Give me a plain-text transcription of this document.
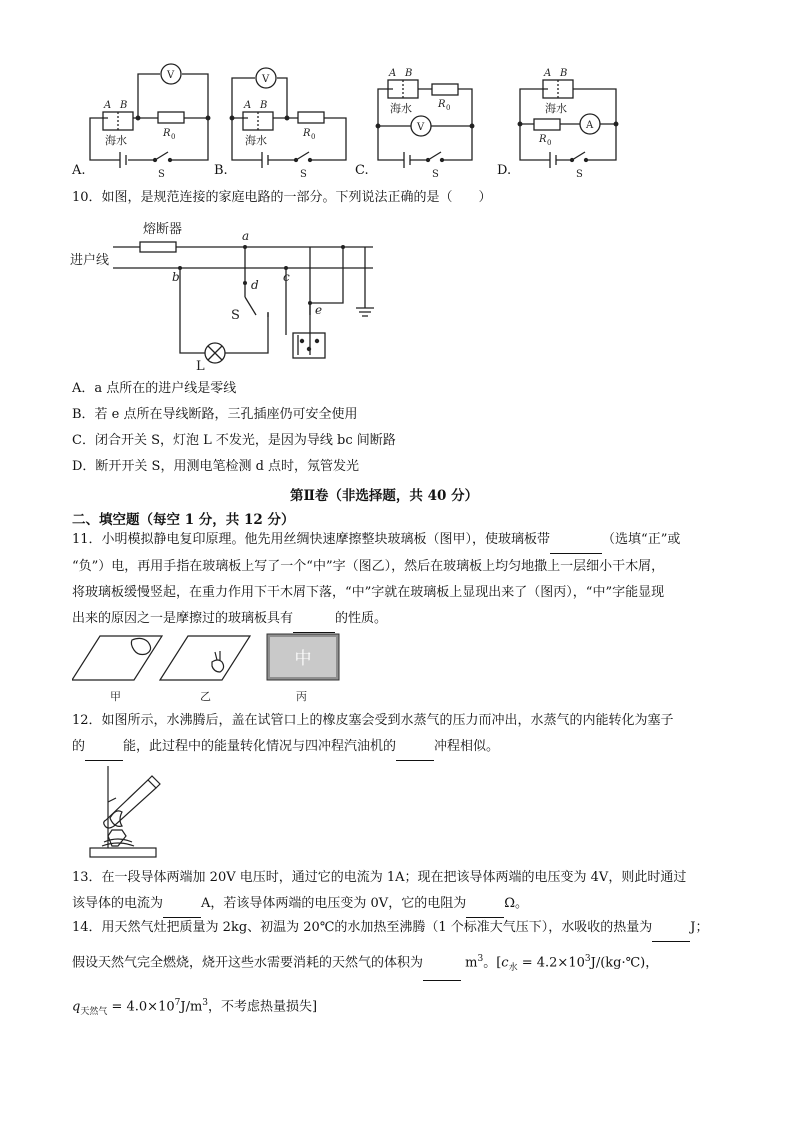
A B
R 0
A B
R 0
A B
R 0
A B
R 0
海水	海水
海水	海水
V	V
V	A
S	S	S	S
A.	B.	C.	D.
10．如图，是规范连接的家庭电路的一部分。下列说法正确的是（　　）
熔断器
进户线
S
L
a
b	c
d
e

A．a 点所在的进户线是零线

B．若 e 点所在导线断路，三孔插座仍可安全使用

C．闭合开关 S，灯泡 L 不发光，是因为导线 bc 间断路

D．断开开关 S，用测电笔检测 d 点时，氖管发光

第Ⅱ卷（非选择题，共 40 分）
二、填空题（每空 1 分，共 12 分）

11．小明模拟静电复印原理。他先用丝绸快速摩擦整块玻璃板（图甲），使玻璃板带	（选填“正”或

“负”）电，再用手指在玻璃板上写了一个“中”字（图乙），然后在玻璃板上均匀地撒上一层细小干木屑，

将玻璃板缓慢竖起，在重力作用下干木屑下落，“中”字就在玻璃板上显现出来了（图丙），“中”字能显现

出来的原因之一是摩擦过的玻璃板具有	的性质。

中
甲	乙	丙

12．如图所示，水沸腾后，盖在试管口上的橡皮塞会受到水蒸气的压力而冲出，水蒸气的内能转化为塞子

的	能，此过程中的能量转化情况与四冲程汽油机的	冲程相似。

13．在一段导体两端加 20V 电压时，通过它的电流为 1A；现在把该导体两端的电压变为 4V，则此时通过

该导体的电流为	A，若该导体两端的电压变为 0V，它的电阻为	Ω。

14．用天然气灶把质量为 2kg、初温为 20℃的水加热至沸腾（1 个标准大气压下），水吸收的热量为	J；

假设天然气完全燃烧，烧开这些水需要消耗的天然气的体积为	$m^3$。[$c_水$ = $4.2\times 10^3J/(kg\cdot℃)$，

$q_{天然气} = 4.0\times 10^7J/m^3$，不考虑热量损失]
